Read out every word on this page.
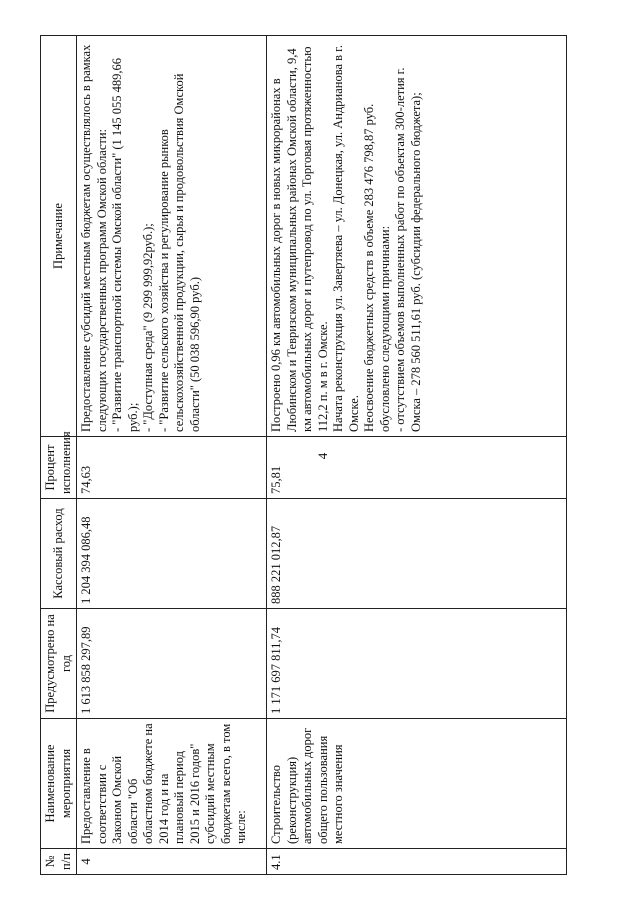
4
№ п/п	Наименование мероприятия	Предусмотрено на год	Кассовый расход	Процент исполнения	Примечание
4	Предоставление в соответствии с Законом Омской области "Об областном бюджете на 2014 год и на плановый период 2015 и 2016 годов" субсидий местным бюджетам всего, в том числе:	1 613 858 297,89	1 204 394 086,48	74,63	Предоставление субсидий местным бюджетам осуществлялось в рамках следующих государственных программ Омской области: - "Развитие транспортной системы Омской области" (1 145 055 489,66 руб.); - "Доступная среда" (9 299 999,92руб.); - "Развитие сельского хозяйства и регулирование рынков сельскохозяйственной продукции, сырья и продовольствия Омской области" (50 038 596,90 руб.)

4.1	Строительство (реконструкция) автомобильных дорог общего пользования местного значения	1 171 697 811,74	888 221 012,87	75,81	Построено 0,96 км автомобильных дорог в новых микрорайонах в Любинском и Тевризском муниципальных районах Омской области, 9,4 км автомобильных дорог и путепровод по ул. Торговая протяженностью 112,2 п. м в г. Омске. Начата реконструкция ул. Завертяева – ул. Донецкая, ул. Андрианова в г. Омске. Неосвоение бюджетных средств в объеме 283 476 798,87 руб. обусловлено следующими причинами: - отсутствием объемов выполненных работ по объектам 300-летия г. Омска – 278 560 511,61 руб. (субсидии федерального бюджета);
